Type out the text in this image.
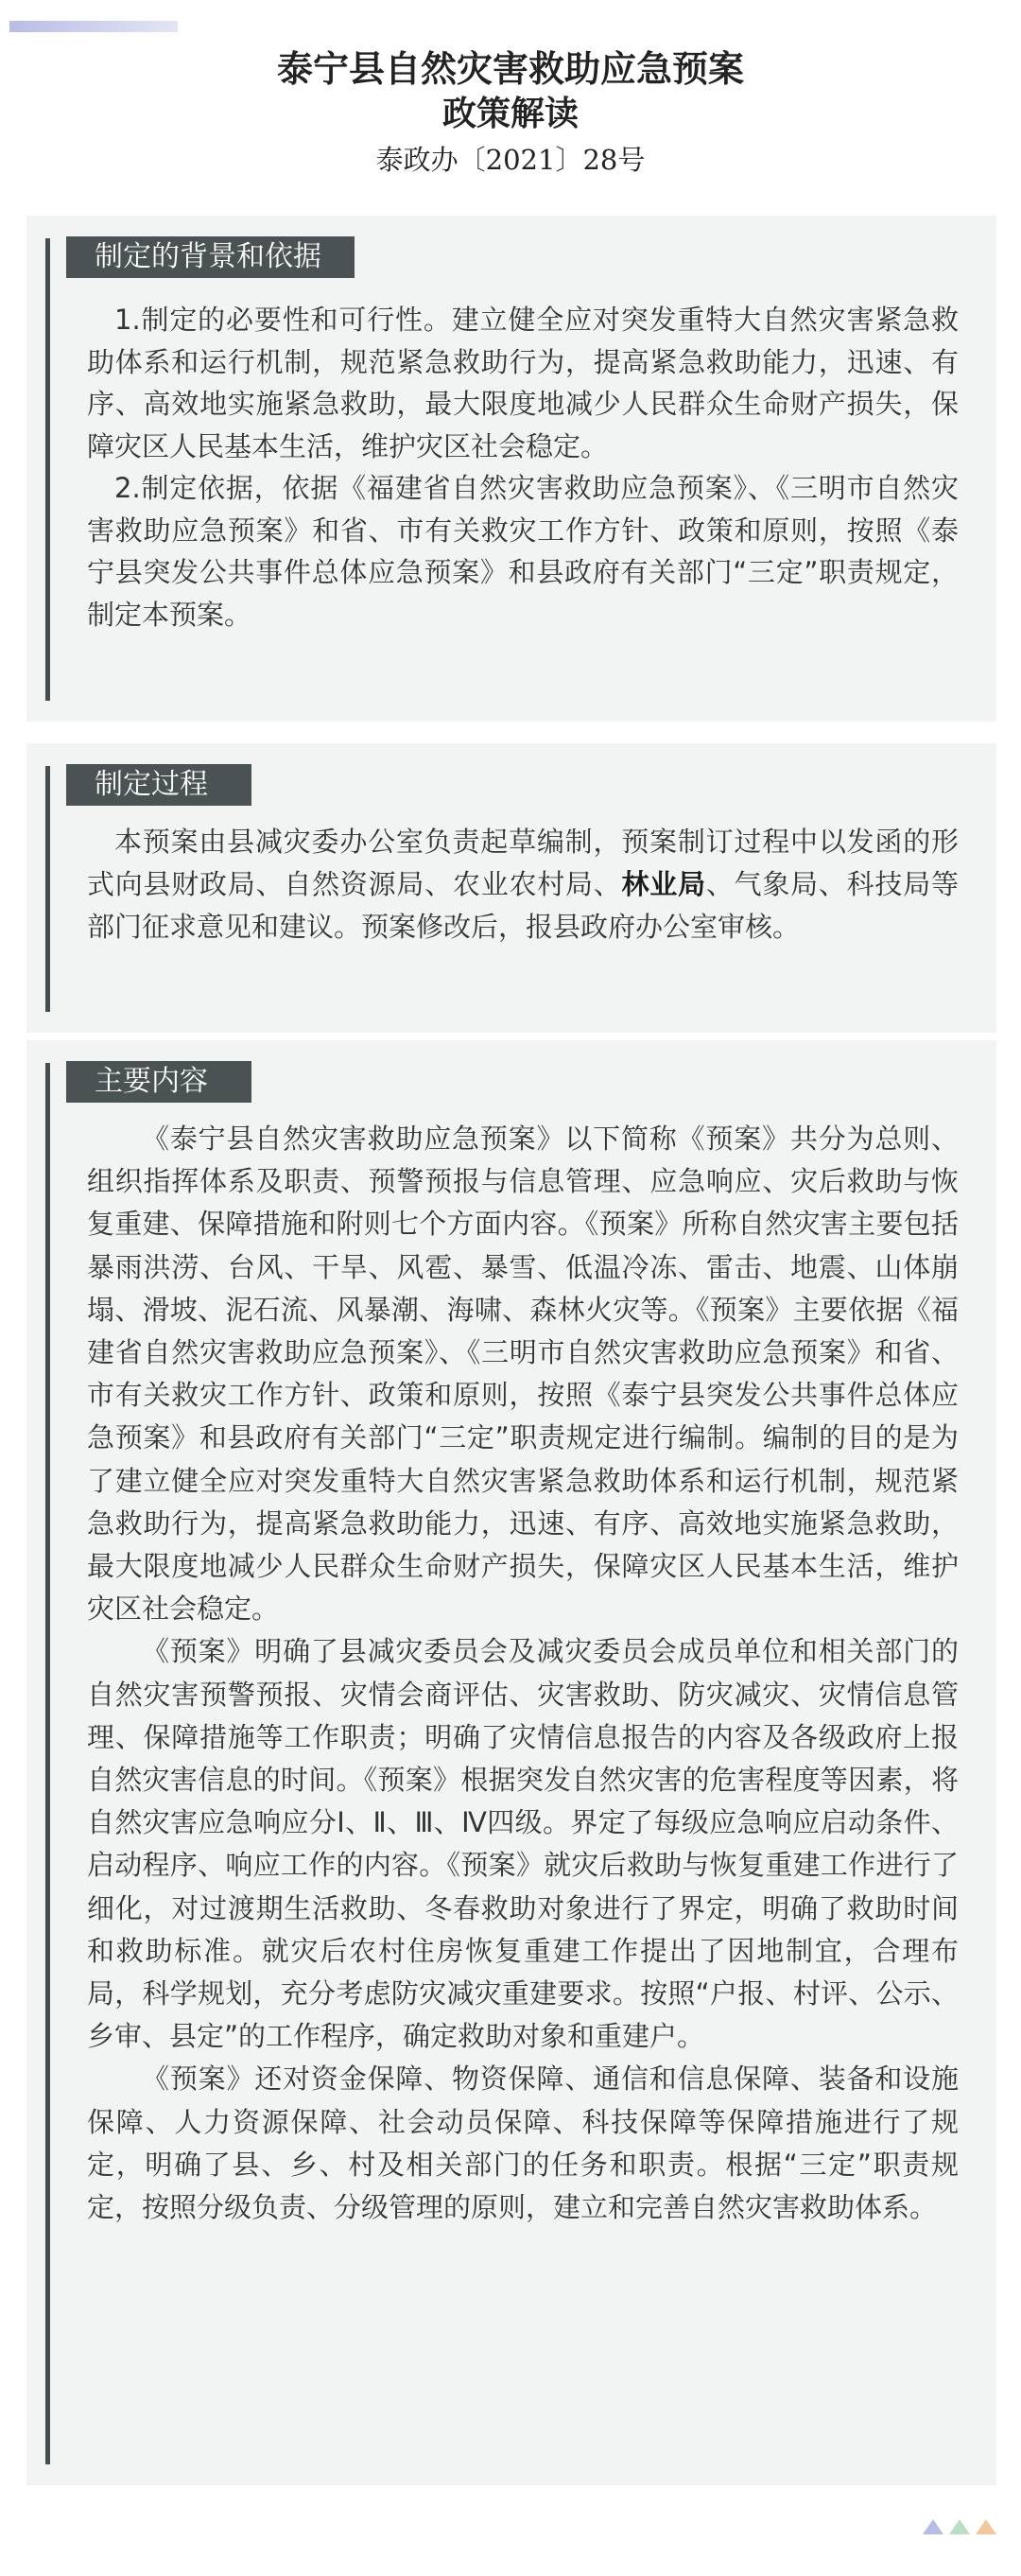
泰宁县自然灾害救助应急预案
政策解读
泰政办〔2021〕28号
制定的背景和依据

1.制定的必要性和可行性。建立健全应对突发重特大自然灾害紧急救助体系和运行机制，规范紧急救助行为，提高紧急救助能力，迅速、有序、高效地实施紧急救助，最大限度地减少人民群众生命财产损失，保障灾区人民基本生活，维护灾区社会稳定。

2.制定依据，依据《福建省自然灾害救助应急预案》、《三明市自然灾害救助应急预案》和省、市有关救灾工作方针、政策和原则，按照《泰宁县突发公共事件总体应急预案》和县政府有关部门“三定”职责规定，制定本预案。

制定过程

本预案由县减灾委办公室负责起草编制，预案制订过程中以发函的形式向县财政局、自然资源局、农业农村局、林业局、气象局、科技局等部门征求意见和建议。预案修改后，报县政府办公室审核。

主要内容

《泰宁县自然灾害救助应急预案》以下简称《预案》共分为总则、组织指挥体系及职责、预警预报与信息管理、应急响应、灾后救助与恢复重建、保障措施和附则七个方面内容。《预案》所称自然灾害主要包括暴雨洪涝、台风、干旱、风雹、暴雪、低温冷冻、雷击、地震、山体崩塌、滑坡、泥石流、风暴潮、海啸、森林火灾等。《预案》主要依据《福建省自然灾害救助应急预案》、《三明市自然灾害救助应急预案》和省、市有关救灾工作方针、政策和原则，按照《泰宁县突发公共事件总体应急预案》和县政府有关部门“三定”职责规定进行编制。编制的目的是为了建立健全应对突发重特大自然灾害紧急救助体系和运行机制，规范紧急救助行为，提高紧急救助能力，迅速、有序、高效地实施紧急救助，最大限度地减少人民群众生命财产损失，保障灾区人民基本生活，维护灾区社会稳定。

《预案》明确了县减灾委员会及减灾委员会成员单位和相关部门的自然灾害预警预报、灾情会商评估、灾害救助、防灾减灾、灾情信息管理、保障措施等工作职责；明确了灾情信息报告的内容及各级政府上报自然灾害信息的时间。《预案》根据突发自然灾害的危害程度等因素，将自然灾害应急响应分Ⅰ、Ⅱ、Ⅲ、Ⅳ四级。界定了每级应急响应启动条件、启动程序、响应工作的内容。《预案》就灾后救助与恢复重建工作进行了细化，对过渡期生活救助、冬春救助对象进行了界定，明确了救助时间和救助标准。就灾后农村住房恢复重建工作提出了因地制宜，合理布局，科学规划，充分考虑防灾减灾重建要求。按照“户报、村评、公示、乡审、县定”的工作程序，确定救助对象和重建户。

《预案》还对资金保障、物资保障、通信和信息保障、装备和设施保障、人力资源保障、社会动员保障、科技保障等保障措施进行了规定，明确了县、乡、村及相关部门的任务和职责。根据“三定”职责规定，按照分级负责、分级管理的原则，建立和完善自然灾害救助体系。
